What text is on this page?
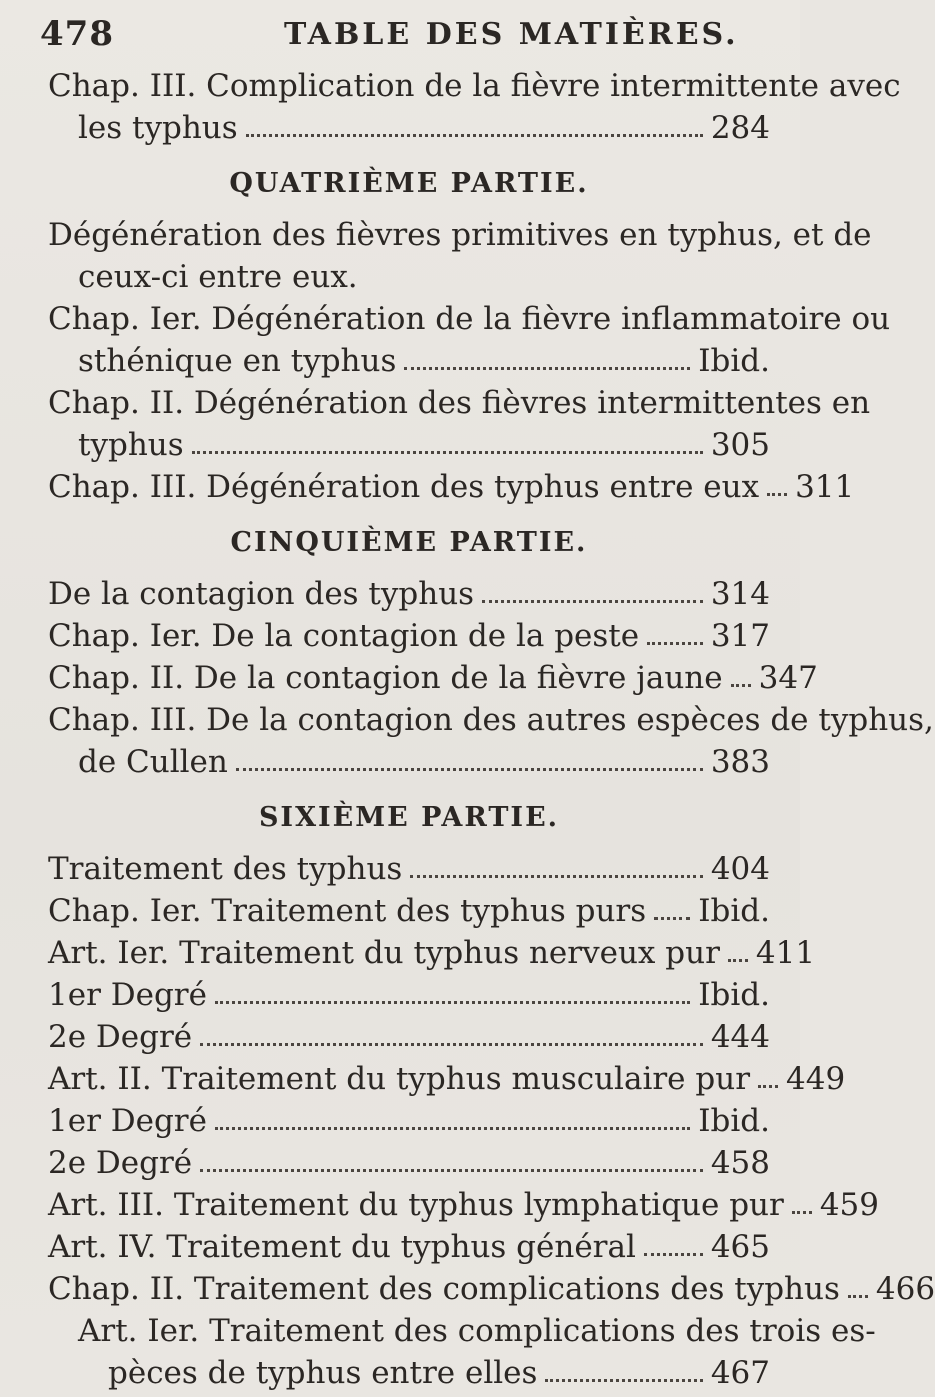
478	TABLE DES MATIÈRES.
Chap. III. Complication de la fièvre intermittente avec
les typhus	284
QUATRIÈME PARTIE.
Dégénération des fièvres primitives en typhus, et de
ceux-ci entre eux.
Chap. Ier. Dégénération de la fièvre inflammatoire ou
sthénique en typhus	Ibid.
Chap. II. Dégénération des fièvres intermittentes en
typhus	305
Chap. III. Dégénération des typhus entre eux 311
CINQUIÈME PARTIE.
De la contagion des typhus	314
Chap. Ier. De la contagion de la peste 317
Chap. II. De la contagion de la fièvre jaune 347
Chap. III. De la contagion des autres espèces de typhus,
de Cullen	383
SIXIÈME PARTIE.
Traitement des typhus	404
Chap. Ier. Traitement des typhus purs Ibid.
Art. Ier. Traitement du typhus nerveux pur 411
1er Degré	Ibid.
2e Degré	444
Art. II. Traitement du typhus musculaire pur 449
1er Degré	Ibid.
2e Degré	458
Art. III. Traitement du typhus lymphatique pur 459
Art. IV. Traitement du typhus général 465
Chap. II. Traitement des complications des typhus 466
Art. Ier. Traitement des complications des trois es-
pèces de typhus entre elles	467
